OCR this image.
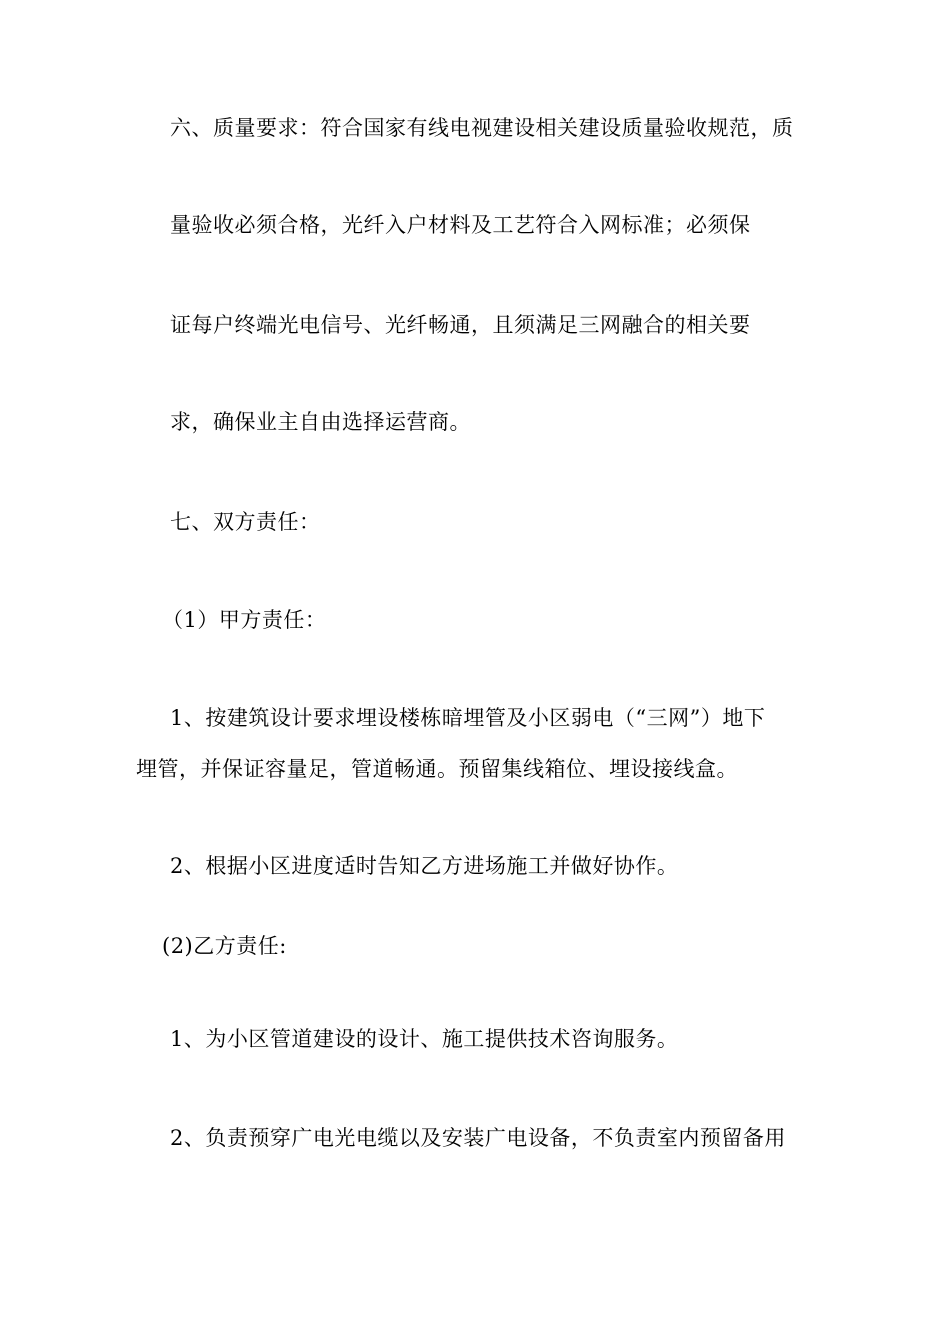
六、质量要求：符合国家有线电视建设相关建设质量验收规范，质
量验收必须合格，光纤入户材料及工艺符合入网标准；必须保
证每户终端光电信号、光纤畅通，且须满足三网融合的相关要
求，确保业主自由选择运营商。
七、双方责任：
（1）甲方责任：
1、按建筑设计要求埋设楼栋暗埋管及小区弱电（“三网”）地下
埋管，并保证容量足，管道畅通。预留集线箱位、埋设接线盒。
2、根据小区进度适时告知乙方进场施工并做好协作。
(2)乙方责任:
1、为小区管道建设的设计、施工提供技术咨询服务。
2、负责预穿广电光电缆以及安装广电设备，不负责室内预留备用
